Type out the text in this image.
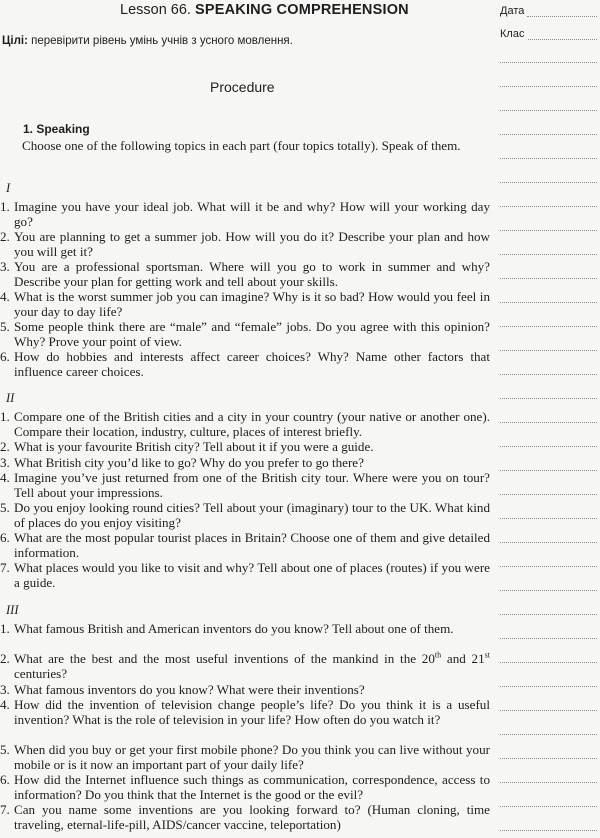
Lesson 66. SPEAKING COMPREHENSION
Цілі: перевірити рівень умінь учнів з усного мовлення.
Procedure
1. Speaking
Choose one of the following topics in each part (four topics totally). Speak of them.
I
1. Imagine you have your ideal job. What will it be and why? How will your working day go?
2. You are planning to get a summer job. How will you do it? Describe your plan and how you will get it?
3. You are a professional sportsman. Where will you go to work in summer and why? Describe your plan for getting work and tell about your skills.
4. What is the worst summer job you can imagine? Why is it so bad? How would you feel in your day to day life?
5. Some people think there are “male” and “female” jobs. Do you agree with this opinion? Why? Prove your point of view.
6. How do hobbies and interests affect career choices? Why? Name other factors that influence career choices.
II
1. Compare one of the British cities and a city in your country (your native or another one). Compare their location, industry, culture, places of interest briefly.
2. What is your favourite British city? Tell about it if you were a guide.
3. What British city you’d like to go? Why do you prefer to go there?
4. Imagine you’ve just returned from one of the British city tour. Where were you on tour? Tell about your impressions.
5. Do you enjoy looking round cities? Tell about your (imaginary) tour to the UK. What kind of places do you enjoy visiting?
6. What are the most popular tourist places in Britain? Choose one of them and give detailed information.
7. What places would you like to visit and why? Tell about one of places (routes) if you were a guide.
III
1. What famous British and American inventors do you know? Tell about one of them.
2. What are the best and the most useful inventions of the mankind in the 20th and 21st centuries?
3. What famous inventors do you know? What were their inventions?
4. How did the invention of television change people’s life? Do you think it is a useful invention? What is the role of television in your life? How often do you watch it?
5. When did you buy or get your first mobile phone? Do you think you can live without your mobile or is it now an important part of your daily life?
6. How did the Internet influence such things as communication, correspondence, access to information? Do you think that the Internet is the good or the evil?
7. Can you name some inventions are you looking forward to? (Human cloning, time traveling, eternal-life-pill, AIDS/cancer vaccine, teleportation)
Дата
Клас
